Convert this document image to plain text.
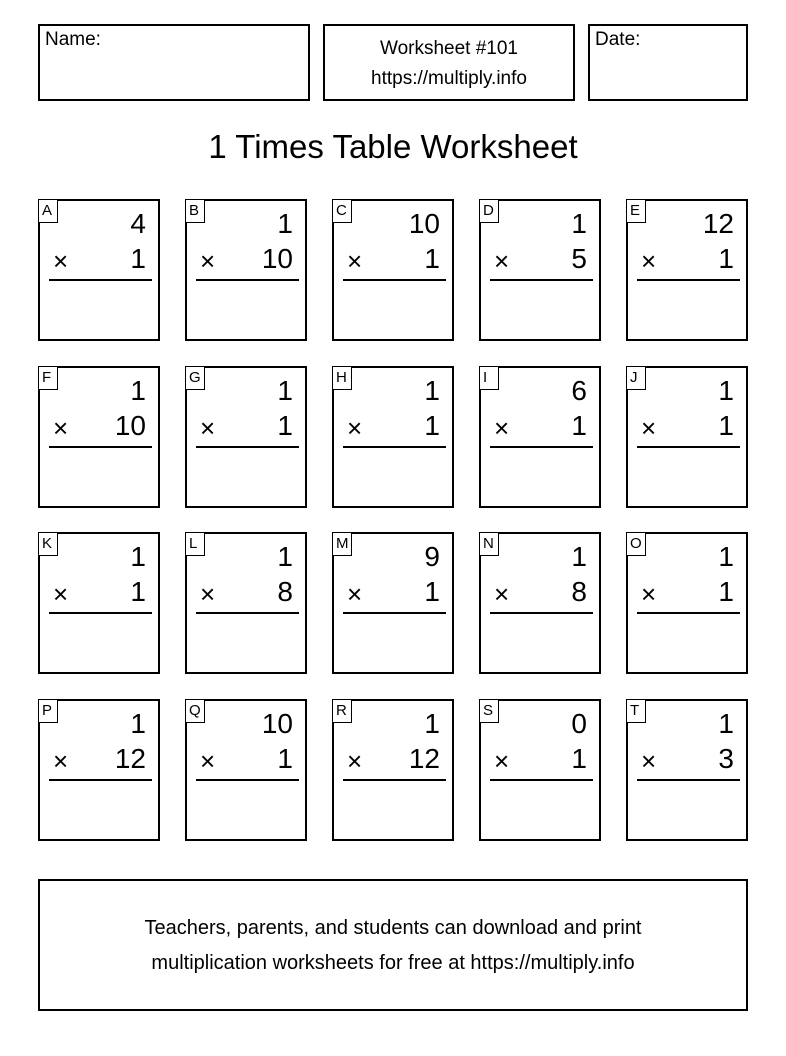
Name:	Worksheet #101
https://multiply.info
Date:
1 Times Table Worksheet
A	4
× 1
B	1
× 10
C 10
× 1
D	1
× 5
E 12
× 1
F	1
× 10
G	1
× 1
H	1
× 1
I	6
× 1
J	1
× 1
K	1
× 1
L	1
× 8
M	9
× 1
N	1
× 8
O	1
× 1
P	1
× 12
Q 10
× 1
R	1
× 12
S	0
× 1
T	1
× 3
Teachers, parents, and students can download and print
multiplication worksheets for free at https://multiply.info
